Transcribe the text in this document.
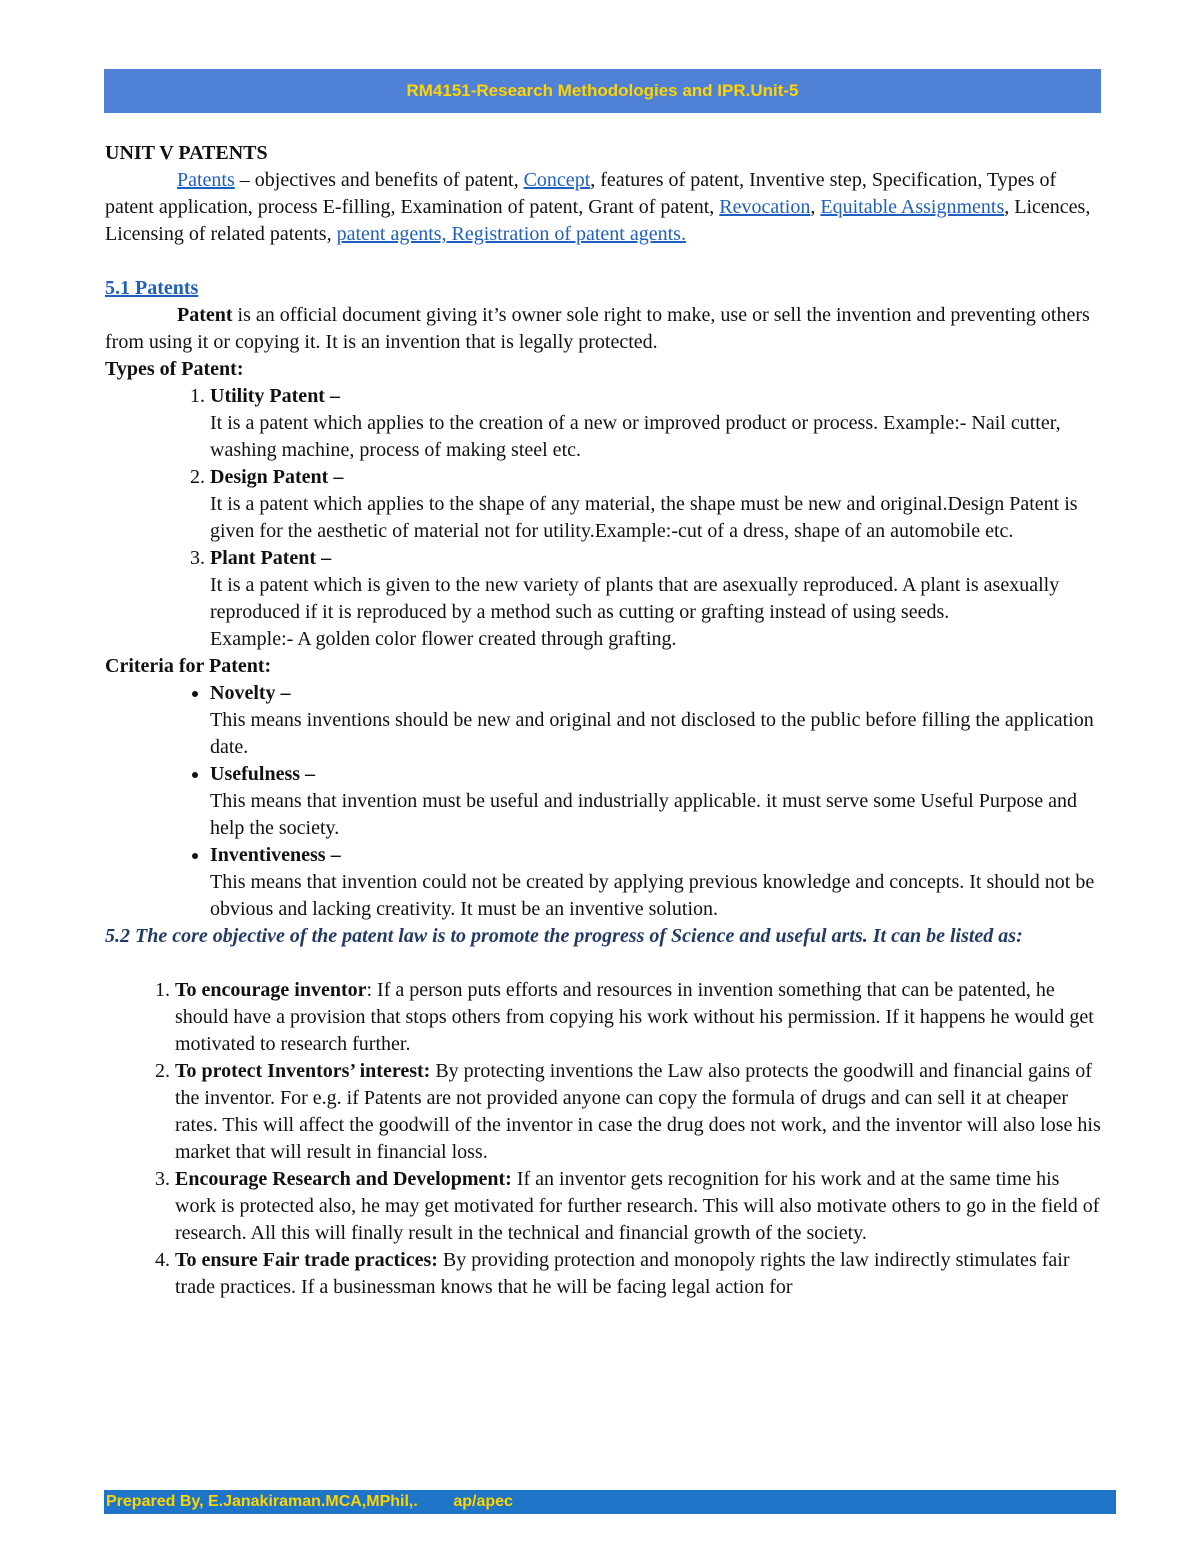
RM4151-Research Methodologies and IPR.Unit-5

UNIT V PATENTS

Patents – objectives and benefits of patent, Concept, features of patent, Inventive step, Specification, Types of patent application, process E-filling, Examination of patent, Grant of patent, Revocation, Equitable Assignments, Licences, Licensing of related patents, patent agents, Registration of patent agents.

5.1 Patents

Patent is an official document giving it’s owner sole right to make, use or sell the invention and preventing others from using it or copying it. It is an invention that is legally protected.

Types of Patent:

1. Utility Patent –
It is a patent which applies to the creation of a new or improved product or process. Example:- Nail cutter, washing machine, process of making steel etc.
2. Design Patent –
It is a patent which applies to the shape of any material, the shape must be new and original.Design Patent is given for the aesthetic of material not for utility.Example:-cut of a dress, shape of an automobile etc.
3. Plant Patent –
It is a patent which is given to the new variety of plants that are asexually reproduced. A plant is asexually reproduced if it is reproduced by a method such as cutting or grafting instead of using seeds.
Example:- A golden color flower created through grafting.

Criteria for Patent:

• Novelty –
This means inventions should be new and original and not disclosed to the public before filling the application date.
• Usefulness –
This means that invention must be useful and industrially applicable. it must serve some Useful Purpose and help the society.
• Inventiveness –
This means that invention could not be created by applying previous knowledge and concepts. It should not be obvious and lacking creativity. It must be an inventive solution.

5.2 The core objective of the patent law is to promote the progress of Science and useful arts. It can be listed as:

1. To encourage inventor: If a person puts efforts and resources in invention something that can be patented, he should have a provision that stops others from copying his work without his permission. If it happens he would get motivated to research further.
2. To protect Inventors’ interest: By protecting inventions the Law also protects the goodwill and financial gains of the inventor. For e.g. if Patents are not provided anyone can copy the formula of drugs and can sell it at cheaper rates. This will affect the goodwill of the inventor in case the drug does not work, and the inventor will also lose his market that will result in financial loss.
3. Encourage Research and Development: If an inventor gets recognition for his work and at the same time his work is protected also, he may get motivated for further research. This will also motivate others to go in the field of research. All this will finally result in the technical and financial growth of the society.
4. To ensure Fair trade practices: By providing protection and monopoly rights the law indirectly stimulates fair trade practices. If a businessman knows that he will be facing legal action for
Prepared By, E.Janakiraman.MCA,MPhil,.        ap/apec
